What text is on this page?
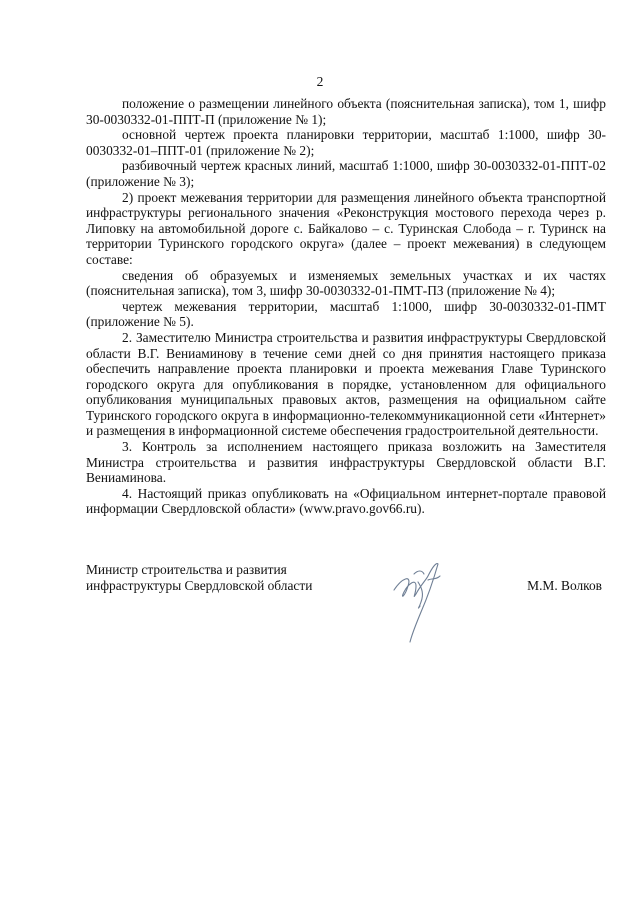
2

положение о размещении линейного объекта (пояснительная записка), том 1, шифр 30-0030332-01-ППТ-П (приложение № 1);

основной чертеж проекта планировки территории, масштаб 1:1000, шифр 30-0030332-01–ППТ-01 (приложение № 2);

разбивочный чертеж красных линий, масштаб 1:1000, шифр 30-0030332-01-ППТ-02 (приложение № 3);

2) проект межевания территории для размещения линейного объекта транспортной инфраструктуры регионального значения «Реконструкция мостового перехода через р. Липовку на автомобильной дороге с. Байкалово – с. Туринская Слобода – г. Туринск на территории Туринского городского округа» (далее – проект межевания) в следующем составе:

сведения об образуемых и изменяемых земельных участках и их частях (пояснительная записка), том 3, шифр 30-0030332-01-ПМТ-ПЗ (приложение № 4);

чертеж межевания территории, масштаб 1:1000, шифр 30-0030332-01-ПМТ (приложение № 5).

2. Заместителю Министра строительства и развития инфраструктуры Свердловской области В.Г. Вениаминову в течение семи дней со дня принятия настоящего приказа обеспечить направление проекта планировки и проекта межевания Главе Туринского городского округа для опубликования в порядке, установленном для официального опубликования муниципальных правовых актов, размещения на официальном сайте Туринского городского округа в информационно-телекоммуникационной сети «Интернет» и размещения в информационной системе обеспечения градостроительной деятельности.

3. Контроль за исполнением настоящего приказа возложить на Заместителя Министра строительства и развития инфраструктуры Свердловской области В.Г. Вениаминова.

4. Настоящий приказ опубликовать на «Официальном интернет-портале правовой информации Свердловской области» (www.pravo.gov66.ru).

Министр строительства и развития
инфраструктуры Свердловской области	М.М. Волков
